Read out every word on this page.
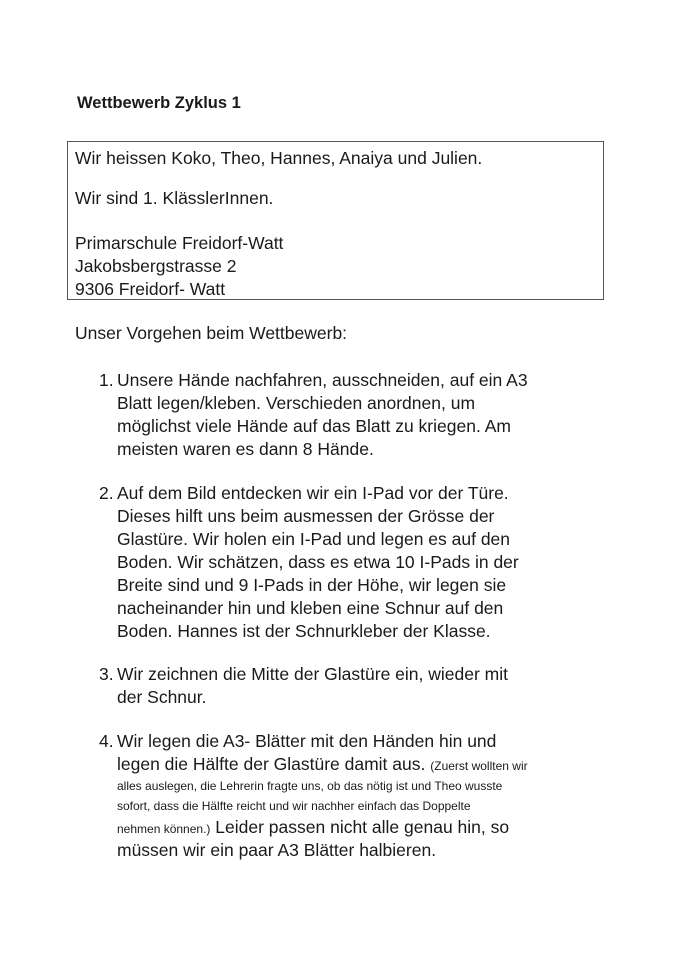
Wettbewerb Zyklus 1
Wir heissen Koko, Theo, Hannes, Anaiya und Julien.
Wir sind 1. KlässlerInnen.
Primarschule Freidorf-Watt
Jakobsbergstrasse 2
9306 Freidorf- Watt
Unser Vorgehen beim Wettbewerb:
1. Unsere Hände nachfahren, ausschneiden, auf ein A3
Blatt legen/kleben. Verschieden anordnen, um
möglichst viele Hände auf das Blatt zu kriegen. Am
meisten waren es dann 8 Hände.
2. Auf dem Bild entdecken wir ein I-Pad vor der Türe.
Dieses hilft uns beim ausmessen der Grösse der
Glastüre. Wir holen ein I-Pad und legen es auf den
Boden. Wir schätzen, dass es etwa 10 I-Pads in der
Breite sind und 9 I-Pads in der Höhe, wir legen sie
nacheinander hin und kleben eine Schnur auf den
Boden. Hannes ist der Schnurkleber der Klasse.
3. Wir zeichnen die Mitte der Glastüre ein, wieder mit
der Schnur.
4. Wir legen die A3- Blätter mit den Händen hin und
legen die Hälfte der Glastüre damit aus. (Zuerst wollten wir
alles auslegen, die Lehrerin fragte uns, ob das nötig ist und Theo wusste
sofort, dass die Hälfte reicht und wir nachher einfach das Doppelte
nehmen können.) Leider passen nicht alle genau hin, so
müssen wir ein paar A3 Blätter halbieren.
